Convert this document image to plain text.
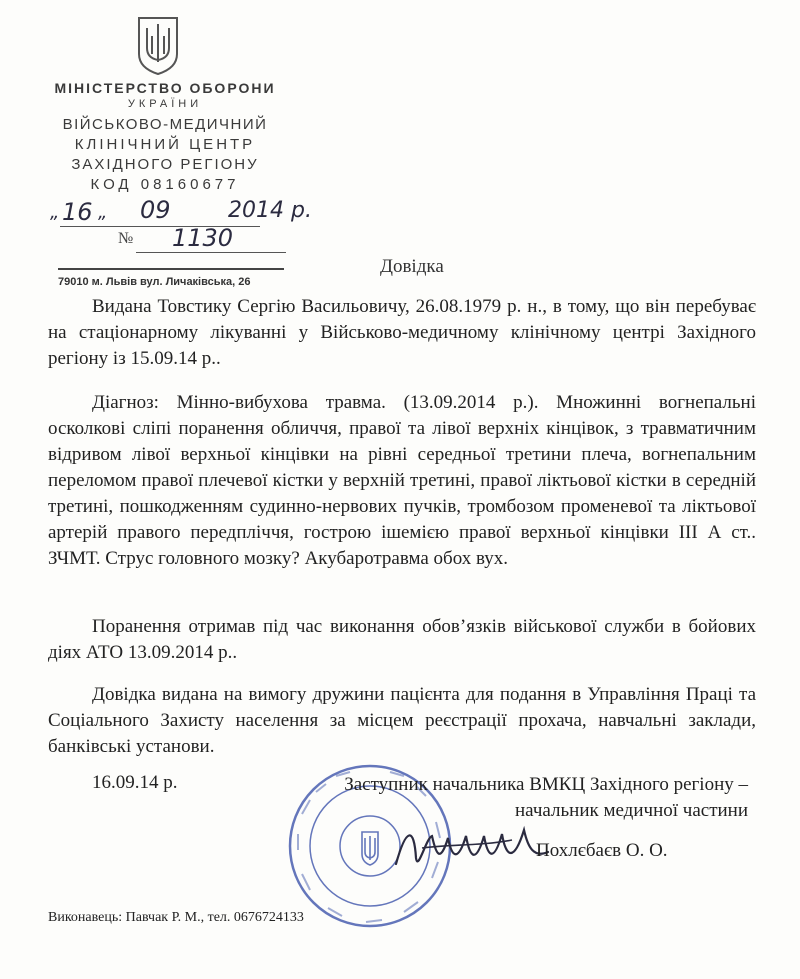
МІНІСТЕРСТВО ОБОРОНИ
УКРАЇНИ
ВІЙСЬКОВО-МЕДИЧНИЙ
КЛІНІЧНИЙ ЦЕНТР
ЗАХІДНОГО РЕГІОНУ
КОД 08160677
„ 16 „ 09	2014 р.
№ 1130
79010 м. Львів вул. Личаківська, 26
Довідка
Видана Товстику Сергію Васильовичу, 26.08.1979 р. н., в тому, що він перебуває на стаціонарному лікуванні у Військово-медичному клінічному центрі Західного регіону із 15.09.14 р..
Діагноз: Мінно-вибухова травма. (13.09.2014 р.). Множинні вогнепальні осколкові сліпі поранення обличчя, правої та лівої верхніх кінцівок, з травматичним відривом лівої верхньої кінцівки на рівні середньої третини плеча, вогнепальним переломом правої плечевої кістки у верхній третині, правої ліктьової кістки в середній третині, пошкодженням судинно-нервових пучків, тромбозом променевої та ліктьової артерій правого передпліччя, гострою ішемією правої верхньої кінцівки ІІІ А ст.. ЗЧМТ. Струс головного мозку? Акубаротравма обох вух.
Поранення отримав під час виконання обов’язків військової служби в бойових діях АТО 13.09.2014 р..
Довідка видана на вимогу дружини пацієнта для подання в Управління Праці та Соціального Захисту населення за місцем реєстрації прохача, навчальні заклади, банківські установи.
16.09.14 р.	Заступник начальника ВМКЦ Західного регіону – начальник медичної частини
Похлєбаєв О. О.
Виконавець: Павчак Р. М., тел. 0676724133
